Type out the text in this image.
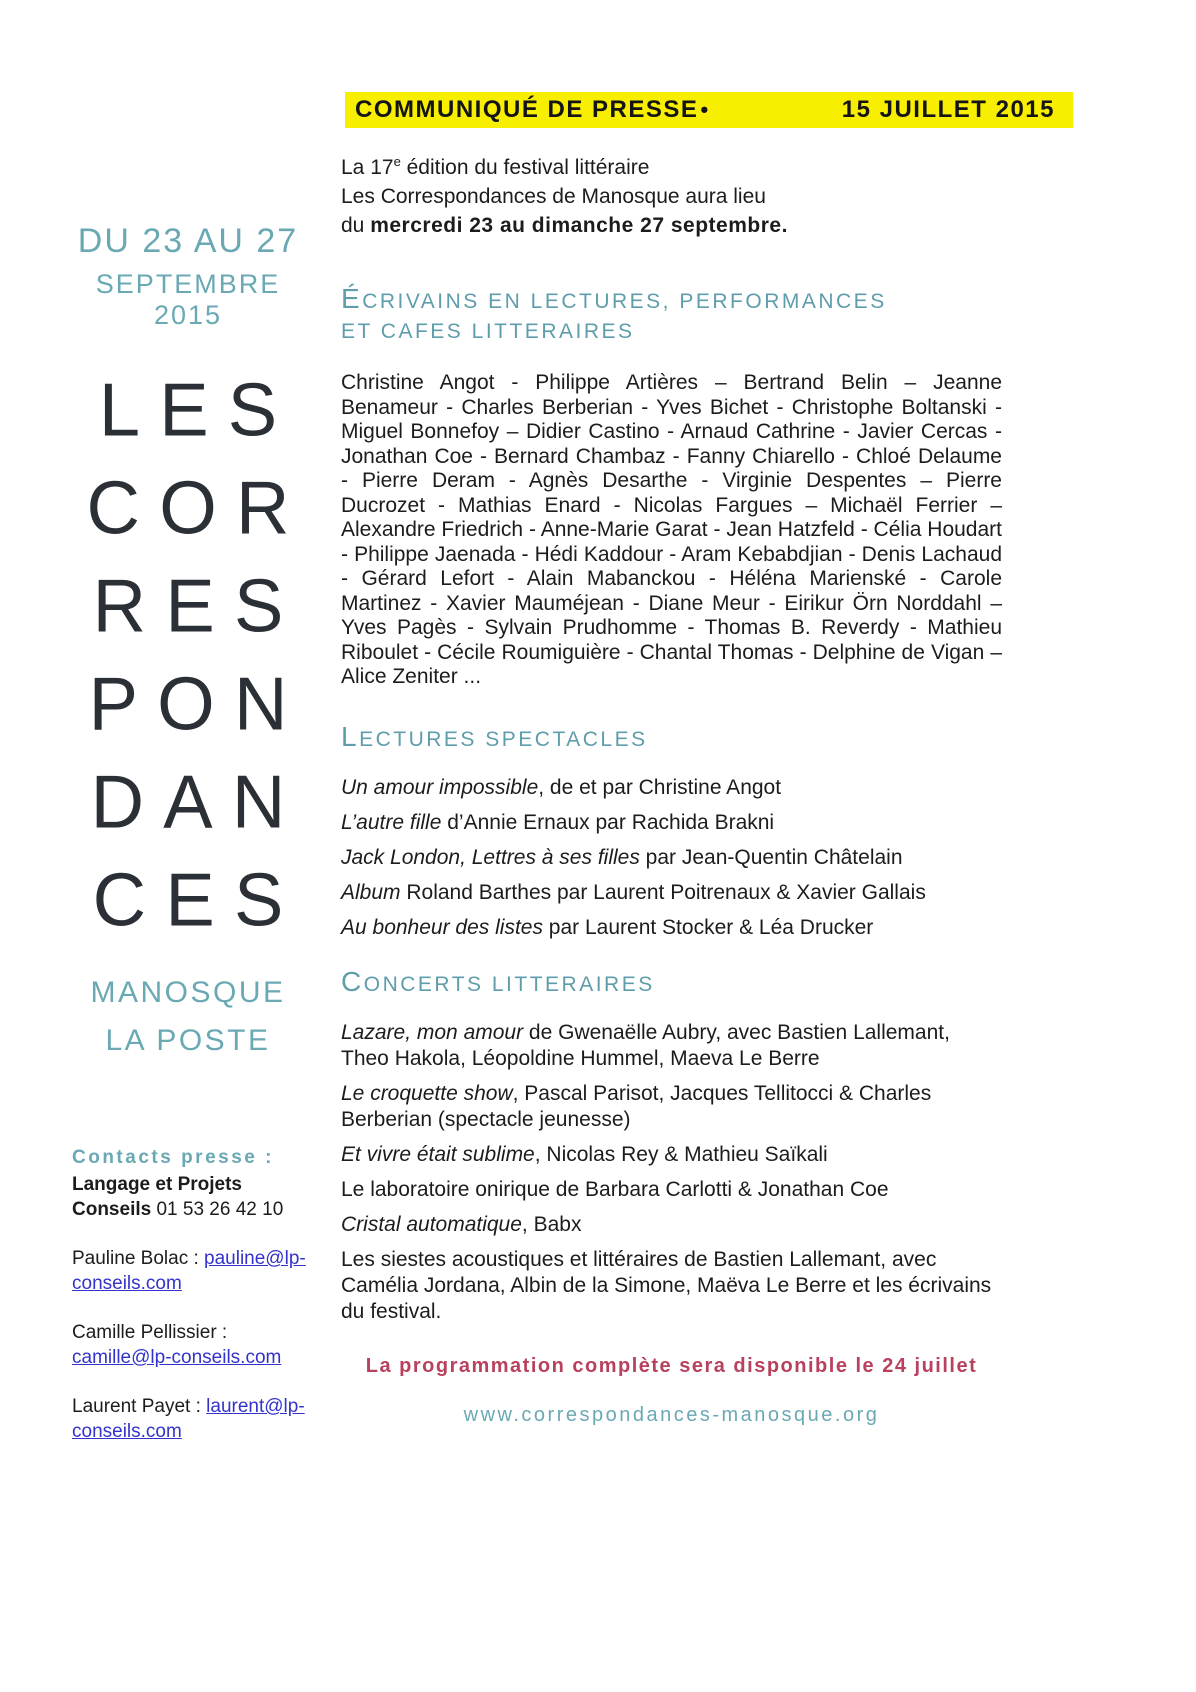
COMMUNIQUÉ DE PRESSE •	15 JUILLET 2015
DU 23 AU 27
SEPTEMBRE 2015
LES
COR
RES
PON
DAN
CES
MANOSQUE
LA POSTE
Contacts presse :
Langage et Projets Conseils 01 53 26 42 10
Pauline Bolac : pauline@lp-conseils.com
Camille Pellissier : camille@lp-conseils.com
Laurent Payet : laurent@lp-conseils.com
La 17e édition du festival littéraire
Les Correspondances de Manosque aura lieu
du mercredi 23 au dimanche 27 septembre.
ÉCRIVAINS EN LECTURES, PERFORMANCES
ET CAFES LITTERAIRES
Christine Angot - Philippe Artières – Bertrand Belin – Jeanne Benameur - Charles Berberian - Yves Bichet - Christophe Boltanski - Miguel Bonnefoy – Didier Castino - Arnaud Cathrine - Javier Cercas - Jonathan Coe - Bernard Chambaz - Fanny Chiarello - Chloé Delaume - Pierre Deram - Agnès Desarthe - Virginie Despentes – Pierre Ducrozet - Mathias Enard - Nicolas Fargues – Michaël Ferrier – Alexandre Friedrich - Anne-Marie Garat - Jean Hatzfeld - Célia Houdart - Philippe Jaenada - Hédi Kaddour - Aram Kebabdjian - Denis Lachaud - Gérard Lefort - Alain Mabanckou - Héléna Marienské - Carole Martinez - Xavier Mauméjean - Diane Meur - Eirikur Örn Norddahl – Yves Pagès - Sylvain Prudhomme - Thomas B. Reverdy - Mathieu Riboulet - Cécile Roumiguière - Chantal Thomas - Delphine de Vigan – Alice Zeniter ...
LECTURES SPECTACLES
Un amour impossible, de et par Christine Angot
L’autre fille d’Annie Ernaux par Rachida Brakni
Jack London, Lettres à ses filles par Jean-Quentin Châtelain
Album Roland Barthes par Laurent Poitrenaux & Xavier Gallais
Au bonheur des listes par Laurent Stocker & Léa Drucker
CONCERTS LITTERAIRES
Lazare, mon amour de Gwenaëlle Aubry, avec Bastien Lallemant, Theo Hakola, Léopoldine Hummel, Maeva Le Berre
Le croquette show, Pascal Parisot, Jacques Tellitocci & Charles Berberian (spectacle jeunesse)
Et vivre était sublime, Nicolas Rey & Mathieu Saïkali
Le laboratoire onirique de Barbara Carlotti & Jonathan Coe
Cristal automatique, Babx
Les siestes acoustiques et littéraires de Bastien Lallemant, avec Camélia Jordana, Albin de la Simone, Maëva Le Berre et les écrivains du festival.
La programmation complète sera disponible le 24 juillet
www.correspondances-manosque.org
